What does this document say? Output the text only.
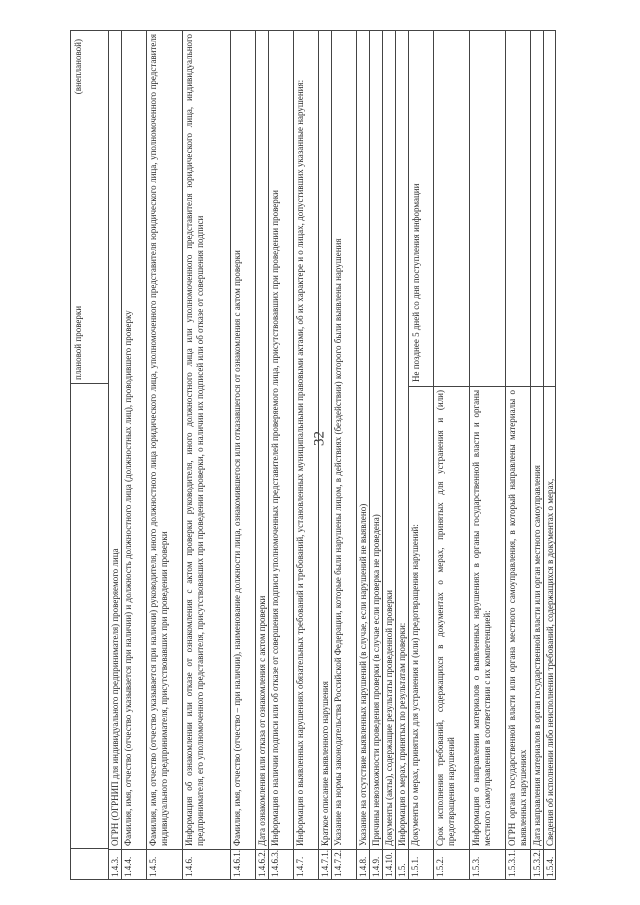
32
плановой проверки
(внеплановой)
1.4.3.
ОГРН (ОГРНИП для индивидуального предпринимателя) проверяемого лица
1.4.4.
Фамилия, имя, отчество (отчество указывается при наличии) и должность должностного лица (должностных лиц), проводившего проверку
1.4.5.
Фамилия, имя, отчество (отчество указывается при наличии) руководителя, иного должностного лица юридического лица, уполномоченного представителя юридического лица, уполномоченного представителя индивидуального предпринимателя, присутствовавших при проведении проверки
1.4.6.
Информация об ознакомлении или отказе от ознакомления с актом проверки руководителя, иного должностного лица или уполномоченного представителя юридического лица, индивидуального предпринимателя, его уполномоченного представителя, присутствовавших при проведении проверки, о наличии их подписей или об отказе от совершения подписи
1.4.6.1.
Фамилия, имя, отчество (отчество – при наличии), наименование должности лица, ознакомившегося или отказавшегося от ознакомления с актом проверки
1.4.6.2.
Дата ознакомления или отказа от ознакомления с актом проверки
1.4.6.3.
Информация о наличии подписи или об отказе от совершения подписи уполномоченных представителей проверяемого лица, присутствовавших при проведении проверки
1.4.7.
Информация о выявленных нарушениях обязательных требований и требований, установленных муниципальными правовыми актами, об их характере и о лицах, допустивших указанные нарушения:
1.4.7.1.
Краткое описание выявленного нарушения
1.4.7.2.
Указание на нормы законодательства Российской Федерации, которые были нарушены лицом, в действиях (бездействии) которого были выявлены нарушения
1.4.8.
Указание на отсутствие выявленных нарушений (в случае, если нарушений не выявлено)
1.4.9.
Причины невозможности проведения проверки (в случае если проверка не проведена)
1.4.10.
Документы (акты), содержащие результаты проведенной проверки
1.5.
Информация о мерах, принятых по результатам проверки:
1.5.1.
Документы о мерах, принятых для устранения и (или) предотвращения нарушений:
Не позднее 5 дней со дня поступления информации
1.5.2.
Срок исполнения требований, содержащихся в документах о мерах, принятых для устранения и (или) предотвращения нарушений
1.5.3.
Информация о направлении материалов о выявленных нарушениях в органы государственной власти и органы местного самоуправления в соответствии с их компетенцией:
1.5.3.1.
ОГРН органа государственной власти или органа местного самоуправления, в который направлены материалы о выявленных нарушениях
1.5.3.2.
Дата направления материалов в орган государственной власти или орган местного самоуправления
1.5.4.
Сведения об исполнении либо неисполнении требований, содержащихся в документах о мерах,
